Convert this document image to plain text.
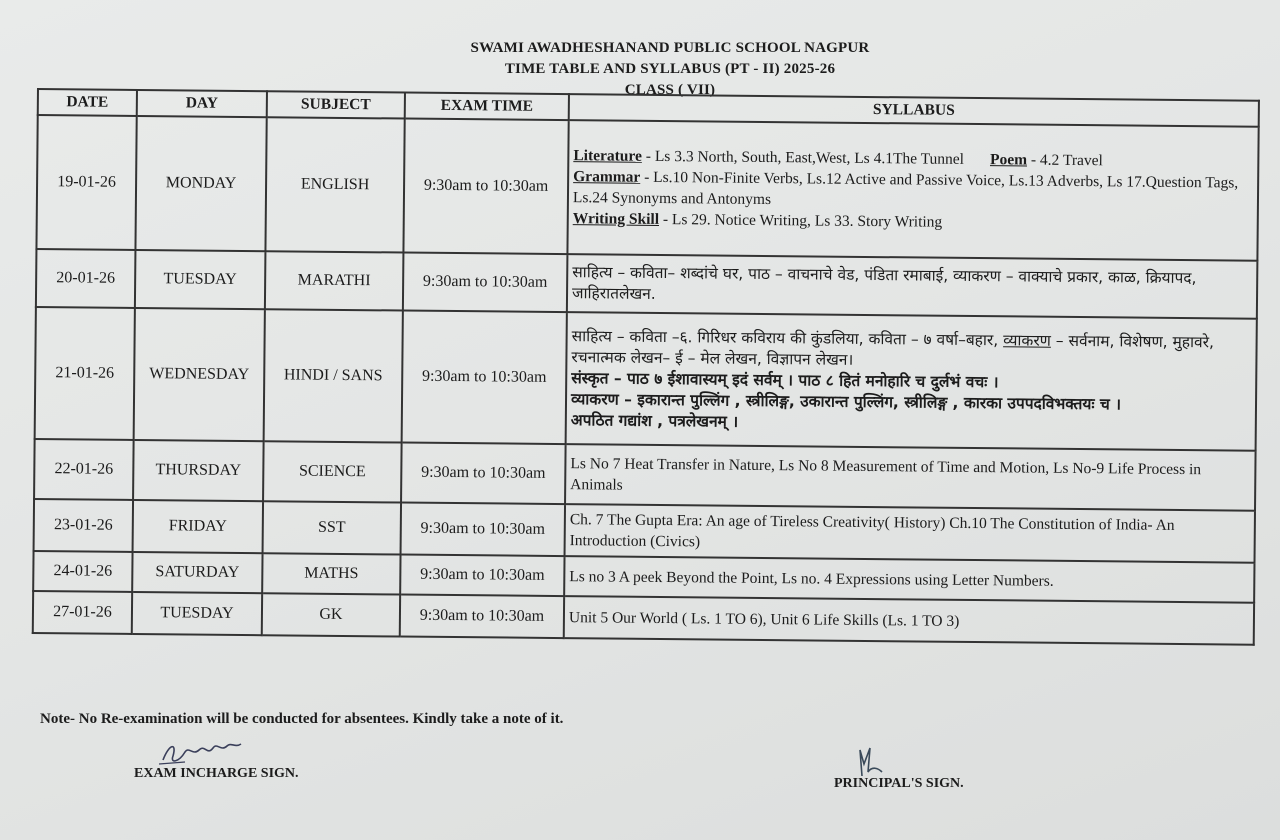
SWAMI AWADHESHANAND PUBLIC SCHOOL NAGPUR
TIME TABLE AND SYLLABUS (PT - II) 2025-26
CLASS ( VII)
DATE	DAY	SUBJECT	EXAM TIME	SYLLABUS
19-01-26	MONDAY	ENGLISH	9:30am to 10:30am	Literature - Ls 3.3 North, South, East,West, Ls 4.1The Tunnel Poem - 4.2 Travel
Grammar - Ls.10 Non-Finite Verbs, Ls.12 Active and Passive Voice, Ls.13 Adverbs, Ls 17.Question Tags, Ls.24 Synonyms and Antonyms
Writing Skill - Ls 29. Notice Writing, Ls 33. Story Writing
20-01-26	TUESDAY	MARATHI	9:30am to 10:30am	साहित्य – कविता– शब्दांचे घर, पाठ – वाचनाचे वेड, पंडिता रमाबाई, व्याकरण – वाक्याचे प्रकार, काळ, क्रियापद, जाहिरातलेखन.
21-01-26	WEDNESDAY	HINDI / SANS	9:30am to 10:30am	साहित्य – कविता –६. गिरिधर कविराय की कुंडलिया, कविता – ७ वर्षा–बहार, व्याकरण – सर्वनाम, विशेषण, मुहावरे, रचनात्मक लेखन– ई – मेल लेखन, विज्ञापन लेखन।
संस्कृत – पाठ ७ ईशावास्यम् इदं सर्वम् । पाठ ८ हितं मनोहारि च दुर्लभं वचः ।
व्याकरण – इकारान्त पुल्लिंग , स्त्रीलिङ्ग, उकारान्त पुल्लिंग, स्त्रीलिङ्ग , कारका उपपदविभक्तयः च ।
अपठित गद्यांश , पत्रलेखनम् ।
22-01-26	THURSDAY	SCIENCE	9:30am to 10:30am	Ls No 7 Heat Transfer in Nature, Ls No 8 Measurement of Time and Motion, Ls No-9 Life Process in Animals
23-01-26	FRIDAY	SST	9:30am to 10:30am	Ch. 7 The Gupta Era: An age of Tireless Creativity( History) Ch.10 The Constitution of India- An Introduction (Civics)
24-01-26	SATURDAY	MATHS	9:30am to 10:30am	Ls no 3 A peek Beyond the Point, Ls no. 4 Expressions using Letter Numbers.
27-01-26	TUESDAY	GK	9:30am to 10:30am	Unit 5 Our World ( Ls. 1 TO 6), Unit 6 Life Skills (Ls. 1 TO 3)
Note- No Re-examination will be conducted for absentees. Kindly take a note of it.
EXAM INCHARGE SIGN.
PRINCIPAL'S SIGN.
